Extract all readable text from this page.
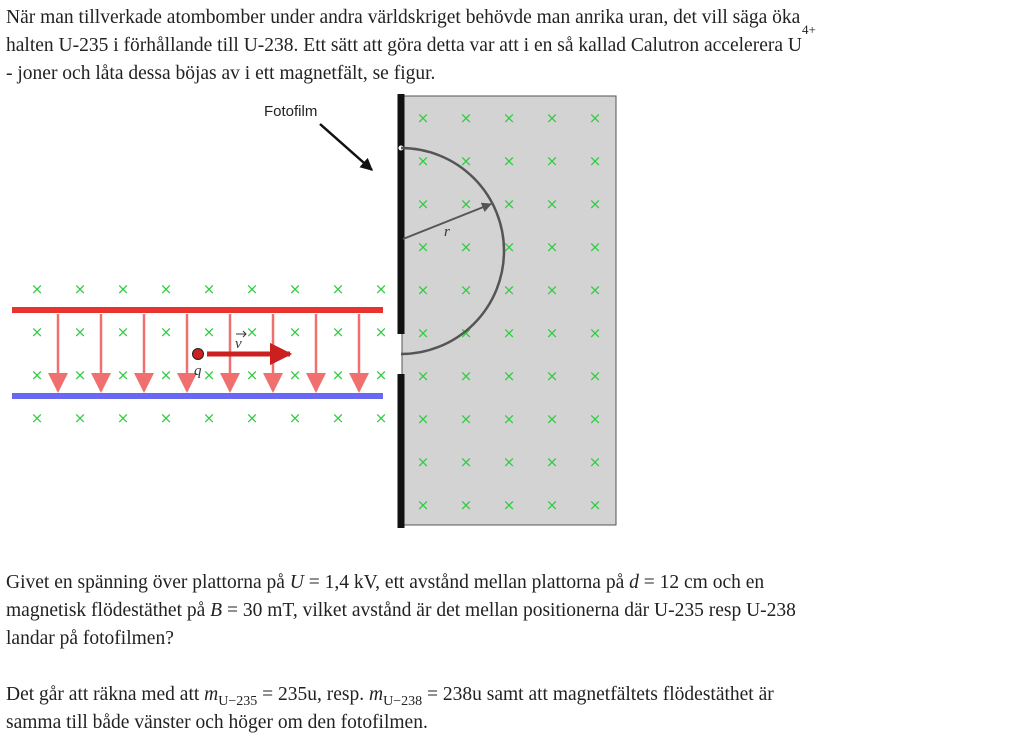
När man tillverkade atombomber under andra världskriget behövde man anrika uran, det vill säga öka
halten U-235 i förhållande till U-238. Ett sätt att göra detta var att i en så kallad Calutron accelerera $U^{4+}$
- joner och låta dessa böjas av i ett magnetfält, se figur.

×
×
×
×
×
×
×
×
×
×
×
×
×
×
×
×
×
×
×
×
×
×
×
×
×
×
×
×
×
×
×
×
×
×
×
×
×
×
×
×
×
×
×
×
×
×
×
×
×
×
×
×
×
×
×
×
×
×
×
×
×
×
×
×
×
×
×
×
×
×
×
×
×
×
×
×
×
×
×
×
×
×
×
×
×
×
v
q
r
Fotofilm

Givet en spänning över plattorna på U = 1,4 kV, ett avstånd mellan plattorna på d = 12 cm och en
magnetisk flödestäthet på B = 30 mT, vilket avstånd är det mellan positionerna där U-235 resp U-238
landar på fotofilmen?

Det går att räkna med att $m_{U-235} = 235u$, resp. $m_{U-238} = 238u$ samt att magnetfältets flödestäthet är
samma till både vänster och höger om den fotofilmen.
